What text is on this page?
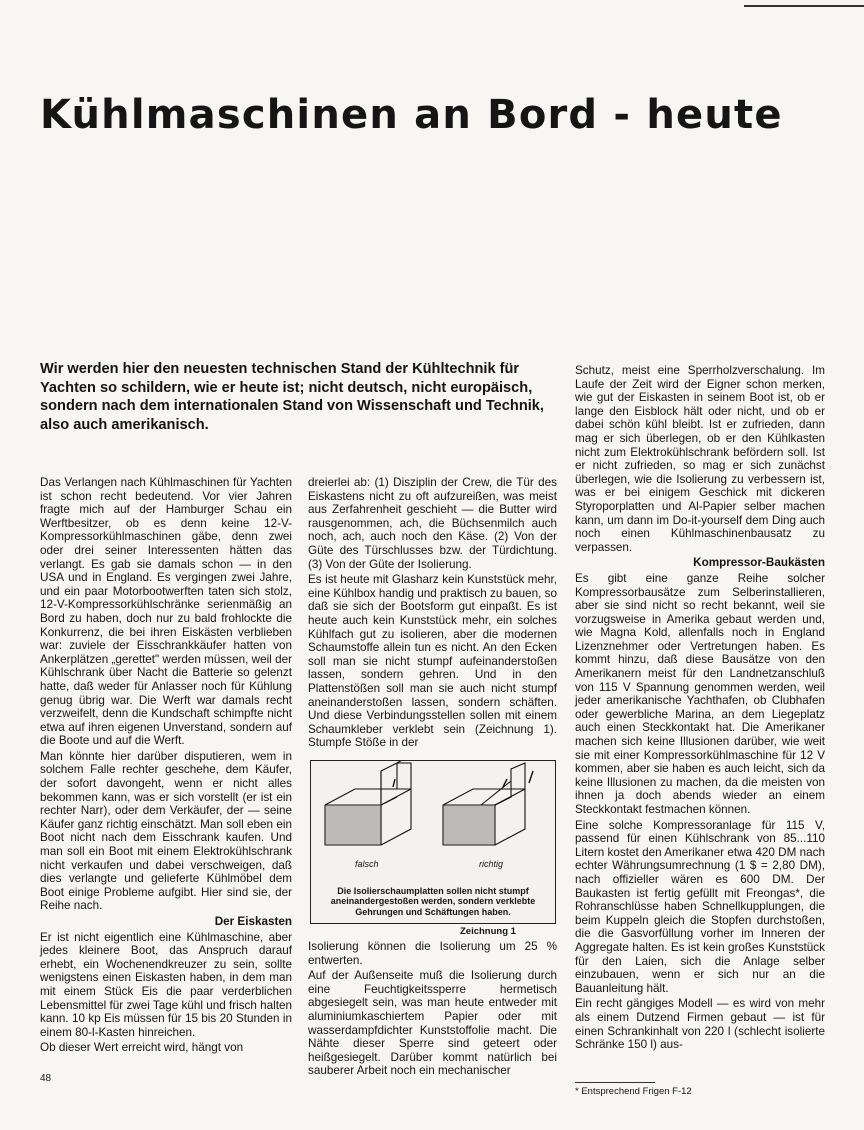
Kühlmaschinen an Bord - heute

Wir werden hier den neuesten technischen Stand der Kühltechnik für Yachten so schildern, wie er heute ist; nicht deutsch, nicht europäisch, sondern nach dem internationalen Stand von Wissenschaft und Technik, also auch amerikanisch.

Das Verlangen nach Kühlmaschinen für Yachten ist schon recht bedeutend. Vor vier Jahren fragte mich auf der Hamburger Schau ein Werftbesitzer, ob es denn keine 12-V-Kompressorkühlmaschinen gäbe, denn zwei oder drei seiner Interessenten hätten das verlangt. Es gab sie damals schon — in den USA und in England. Es vergingen zwei Jahre, und ein paar Motorbootwerften taten sich stolz, 12-V-Kompressorkühlschränke serienmäßig an Bord zu haben, doch nur zu bald frohlockte die Konkurrenz, die bei ihren Eiskästen verblieben war: zuviele der Eisschrankkäufer hatten von Ankerplätzen „gerettet" werden müssen, weil der Kühlschrank über Nacht die Batterie so gelenzt hatte, daß weder für Anlasser noch für Kühlung genug übrig war. Die Werft war damals recht verzweifelt, denn die Kundschaft schimpfte nicht etwa auf ihren eigenen Unverstand, sondern auf die Boote und auf die Werft.

Man könnte hier darüber disputieren, wem in solchem Falle rechter geschehe, dem Käufer, der sofort davongeht, wenn er nicht alles bekommen kann, was er sich vorstellt (er ist ein rechter Narr), oder dem Verkäufer, der — seine Käufer ganz richtig einschätzt. Man soll eben ein Boot nicht nach dem Eisschrank kaufen. Und man soll ein Boot mit einem Elektrokühlschrank nicht verkaufen und dabei verschweigen, daß dies verlangte und gelieferte Kühlmöbel dem Boot einige Probleme aufgibt. Hier sind sie, der Reihe nach.

Der Eiskasten

Er ist nicht eigentlich eine Kühlmaschine, aber jedes kleinere Boot, das Anspruch darauf erhebt, ein Wochenendkreuzer zu sein, sollte wenigstens einen Eiskasten haben, in dem man mit einem Stück Eis die paar verderblichen Lebensmittel für zwei Tage kühl und frisch halten kann. 10 kp Eis müssen für 15 bis 20 Stunden in einem 80-l-Kasten hinreichen.

Ob dieser Wert erreicht wird, hängt von

dreierlei ab: (1) Disziplin der Crew, die Tür des Eiskastens nicht zu oft aufzureißen, was meist aus Zerfahrenheit geschieht — die Butter wird rausgenommen, ach, die Büchsenmilch auch noch, ach, auch noch den Käse. (2) Von der Güte des Türschlusses bzw. der Türdichtung. (3) Von der Güte der Isolierung.

Es ist heute mit Glasharz kein Kunststück mehr, eine Kühlbox handig und praktisch zu bauen, so daß sie sich der Bootsform gut einpaßt. Es ist heute auch kein Kunststück mehr, ein solches Kühlfach gut zu isolieren, aber die modernen Schaumstoffe allein tun es nicht. An den Ecken soll man sie nicht stumpf aufeinanderstoßen lassen, sondern gehren. Und in den Plattenstößen soll man sie auch nicht stumpf aneinanderstoßen lassen, sondern schäften. Und diese Verbindungsstellen sollen mit einem Schaumkleber verklebt sein (Zeichnung 1). Stumpfe Stöße in der

falsch	richtig
Die Isolierschaumplatten sollen nicht stumpf aneinandergestoßen werden, sondern verklebte Gehrungen und Schäftungen haben.
Zeichnung 1

Isolierung können die Isolierung um 25 % entwerten.

Auf der Außenseite muß die Isolierung durch eine Feuchtigkeitssperre hermetisch abgesiegelt sein, was man heute entweder mit aluminiumkaschiertem Papier oder mit wasserdampfdichter Kunststoffolie macht. Die Nähte dieser Sperre sind geteert oder heißgesiegelt. Darüber kommt natürlich bei sauberer Arbeit noch ein mechanischer

Schutz, meist eine Sperrholzverschalung. Im Laufe der Zeit wird der Eigner schon merken, wie gut der Eiskasten in seinem Boot ist, ob er lange den Eisblock hält oder nicht, und ob er dabei schön kühl bleibt. Ist er zufrieden, dann mag er sich überlegen, ob er den Kühlkasten nicht zum Elektrokühlschrank befördern soll. Ist er nicht zufrieden, so mag er sich zunächst überlegen, wie die Isolierung zu verbessern ist, was er bei einigem Geschick mit dickeren Styroporplatten und Al-Papier selber machen kann, um dann im Do-it-yourself dem Ding auch noch einen Kühlmaschinenbausatz zu verpassen.

Kompressor-Baukästen

Es gibt eine ganze Reihe solcher Kompressorbausätze zum Selberinstallieren, aber sie sind nicht so recht bekannt, weil sie vorzugsweise in Amerika gebaut werden und, wie Magna Kold, allenfalls noch in England Lizenznehmer oder Vertretungen haben. Es kommt hinzu, daß diese Bausätze von den Amerikanern meist für den Landnetzanschluß von 115 V Spannung genommen werden, weil jeder amerikanische Yachthafen, ob Clubhafen oder gewerbliche Marina, an dem Liegeplatz auch einen Steckkontakt hat. Die Amerikaner machen sich keine Illusionen darüber, wie weit sie mit einer Kompressorkühlmaschine für 12 V kommen, aber sie haben es auch leicht, sich da keine Illusionen zu machen, da die meisten von ihnen ja doch abends wieder an einem Steckkontakt festmachen können.

Eine solche Kompressoranlage für 115 V, passend für einen Kühlschrank von 85...110 Litern kostet den Amerikaner etwa 420 DM nach echter Währungsumrechnung (1 $ = 2,80 DM), nach offizieller wären es 600 DM. Der Baukasten ist fertig gefüllt mit Freongas*, die Rohranschlüsse haben Schnellkupplungen, die beim Kuppeln gleich die Stopfen durchstoßen, die die Gasvorfüllung vorher im Inneren der Aggregate halten. Es ist kein großes Kunststück für den Laien, sich die Anlage selber einzubauen, wenn er sich nur an die Bauanleitung hält.

Ein recht gängiges Modell — es wird von mehr als einem Dutzend Firmen gebaut — ist für einen Schrankinhalt von 220 l (schlecht isolierte Schränke 150 l) aus-

* Entsprechend Frigen F-12
48
